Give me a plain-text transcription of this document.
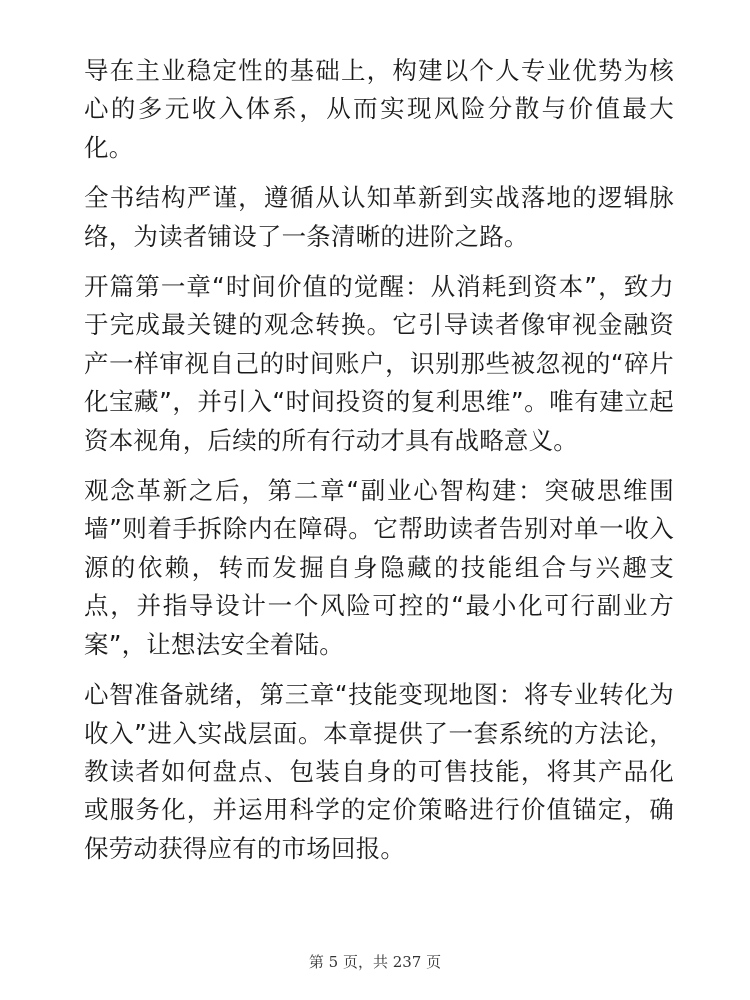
导在主业稳定性的基础上，构建以个人专业优势为核心的多元收入体系，从而实现风险分散与价值最大化。

全书结构严谨，遵循从认知革新到实战落地的逻辑脉络，为读者铺设了一条清晰的进阶之路。

开篇第一章“时间价值的觉醒：从消耗到资本”，致力于完成最关键的观念转换。它引导读者像审视金融资产一样审视自己的时间账户，识别那些被忽视的“碎片化宝藏”，并引入“时间投资的复利思维”。唯有建立起资本视角，后续的所有行动才具有战略意义。

观念革新之后，第二章“副业心智构建：突破思维围墙”则着手拆除内在障碍。它帮助读者告别对单一收入源的依赖，转而发掘自身隐藏的技能组合与兴趣支点，并指导设计一个风险可控的“最小化可行副业方案”，让想法安全着陆。

心智准备就绪，第三章“技能变现地图：将专业转化为收入”进入实战层面。本章提供了一套系统的方法论，教读者如何盘点、包装自身的可售技能，将其产品化或服务化，并运用科学的定价策略进行价值锚定，确保劳动获得应有的市场回报。

第 5 页，共 237 页
